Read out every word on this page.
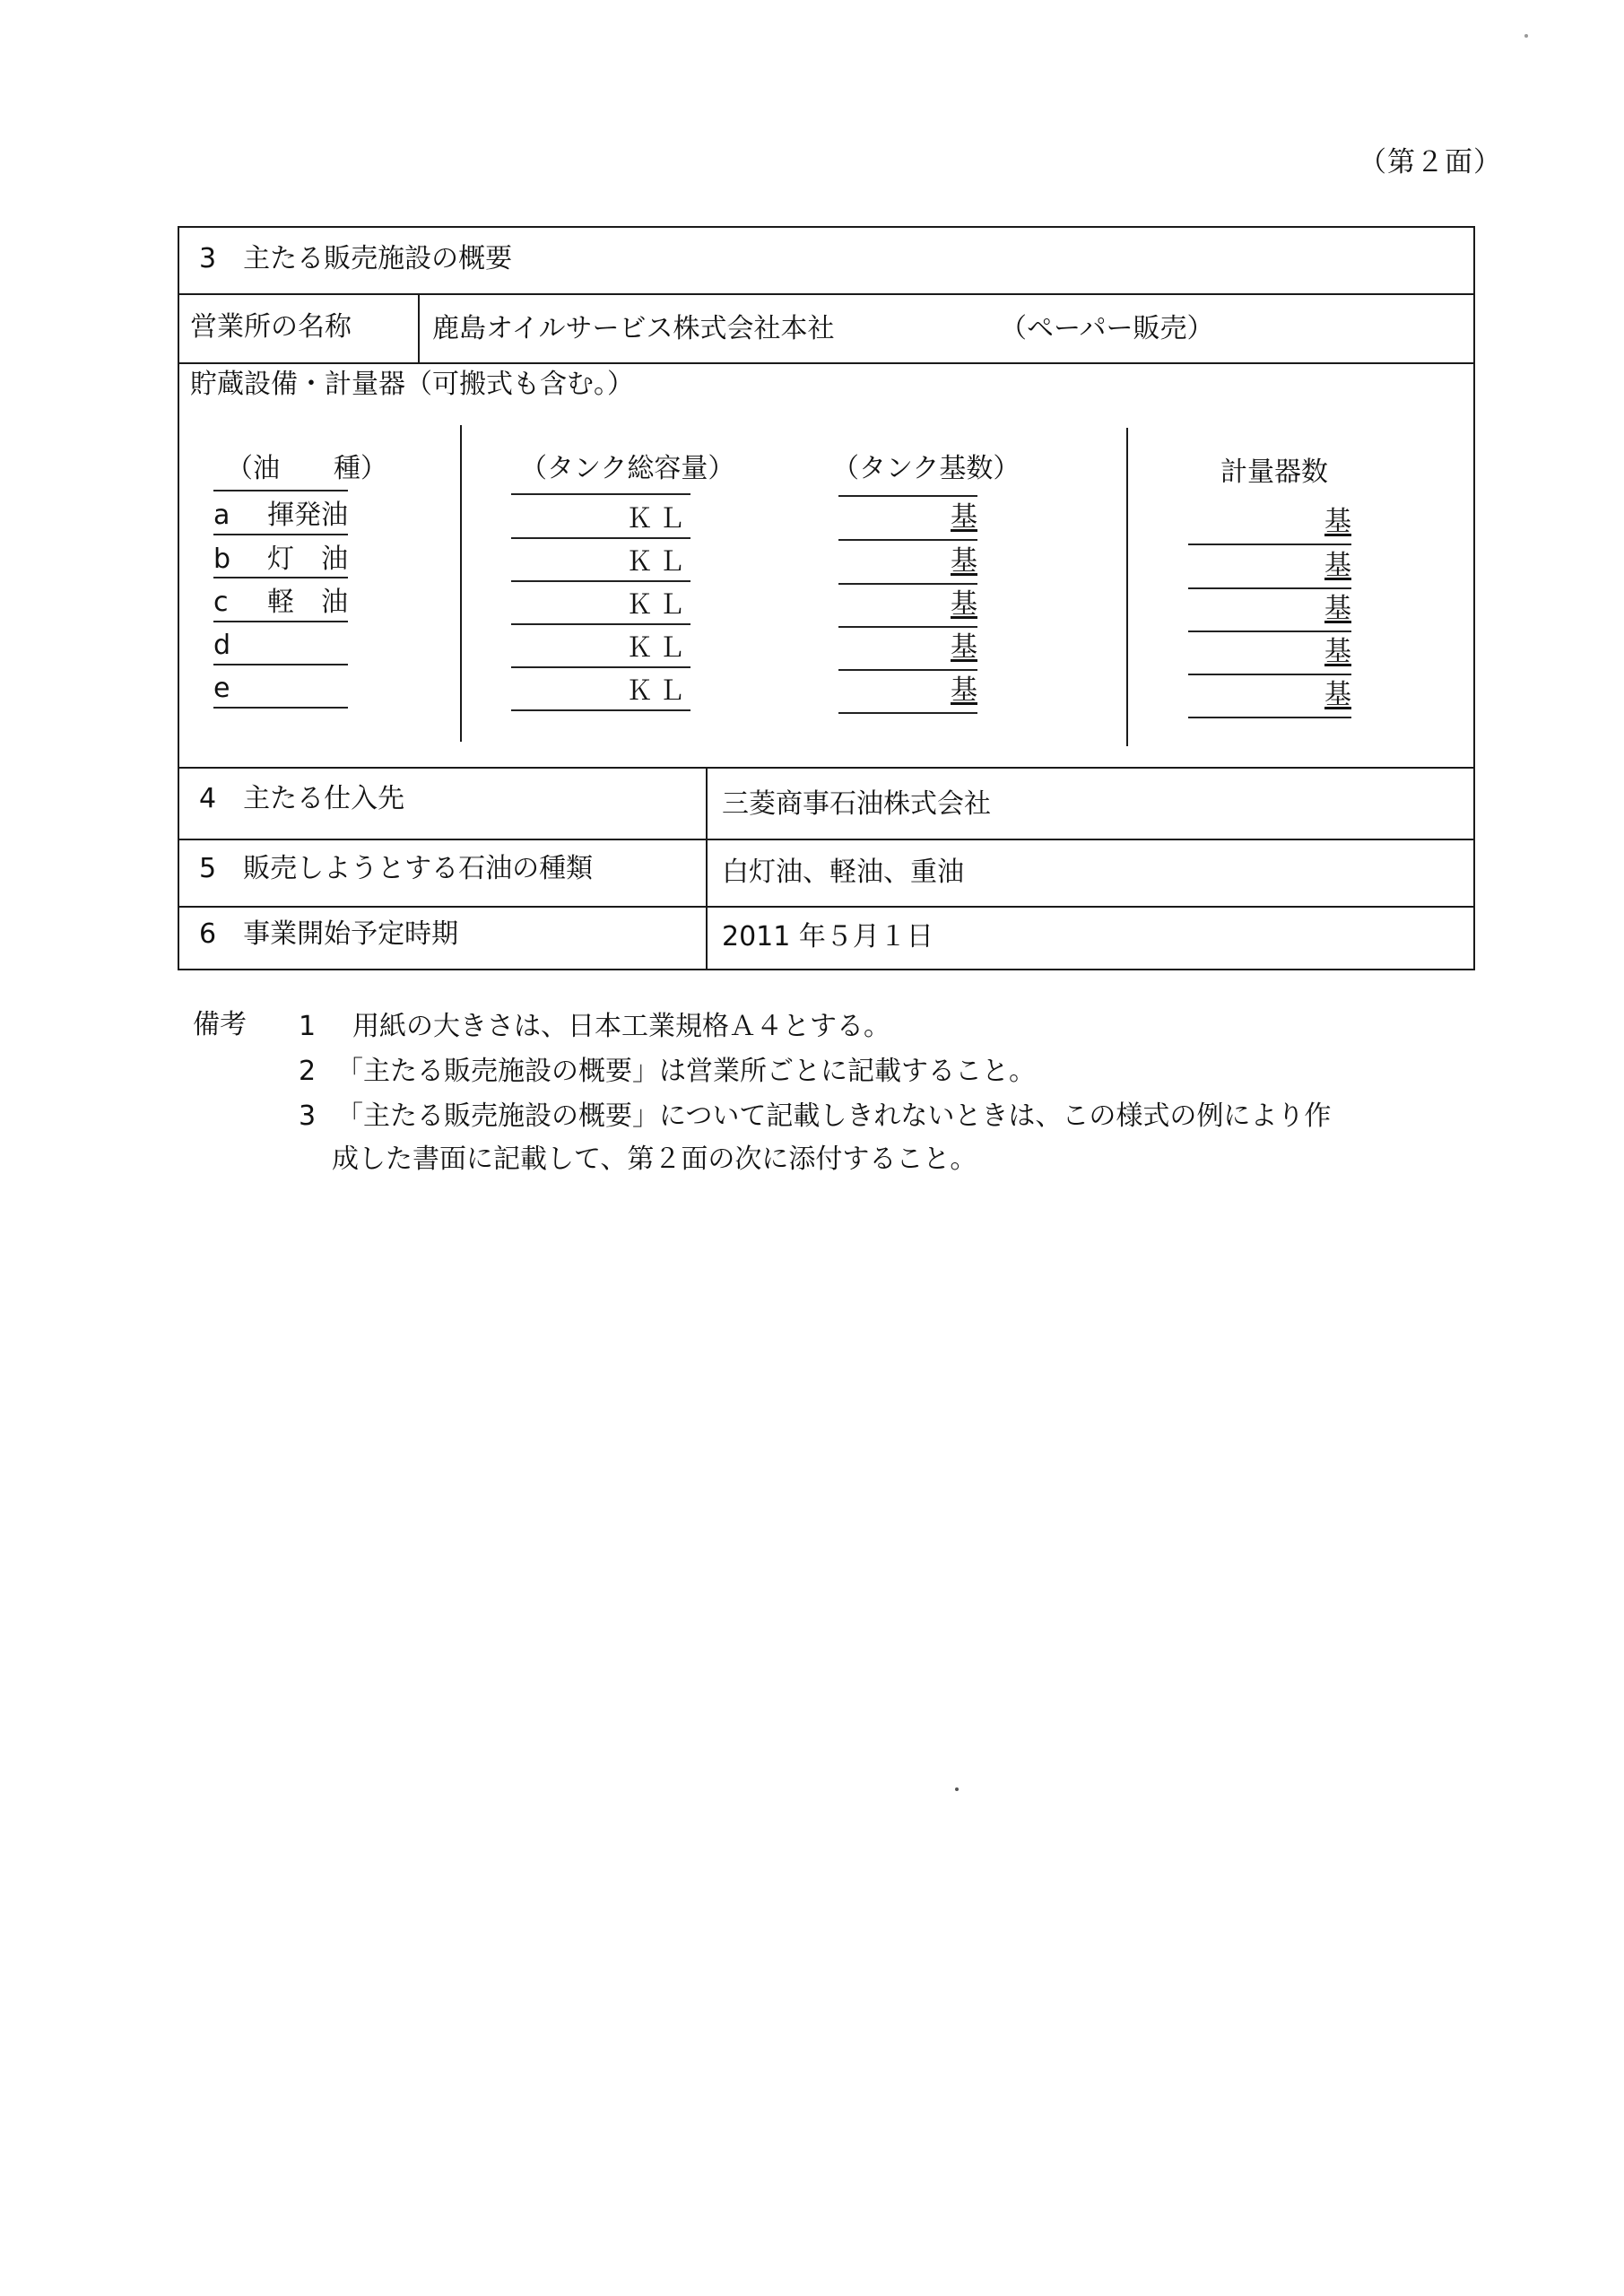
（第２面）
3　主たる販売施設の概要
営業所の名称	鹿島オイルサービス株式会社本社	（ペーパー販売）
貯蔵設備・計量器（可搬式も含む。）
（油　　種）	（タンク総容量）	（タンク基数）	計量器数
a 揮発油	ＫＬ	基	基
b 灯　油	ＫＬ	基	基
c 軽　油	ＫＬ	基	基
d	ＫＬ	基	基
e	ＫＬ	基	基
4　主たる仕入先	三菱商事石油株式会社
5　販売しようとする石油の種類	白灯油、軽油、重油
6　事業開始予定時期	2011 年５月１日
備考 1 用紙の大きさは、日本工業規格Ａ４とする。
2 「主たる販売施設の概要」は営業所ごとに記載すること。
3 「主たる販売施設の概要」について記載しきれないときは、この様式の例により作
成した書面に記載して、第２面の次に添付すること。
